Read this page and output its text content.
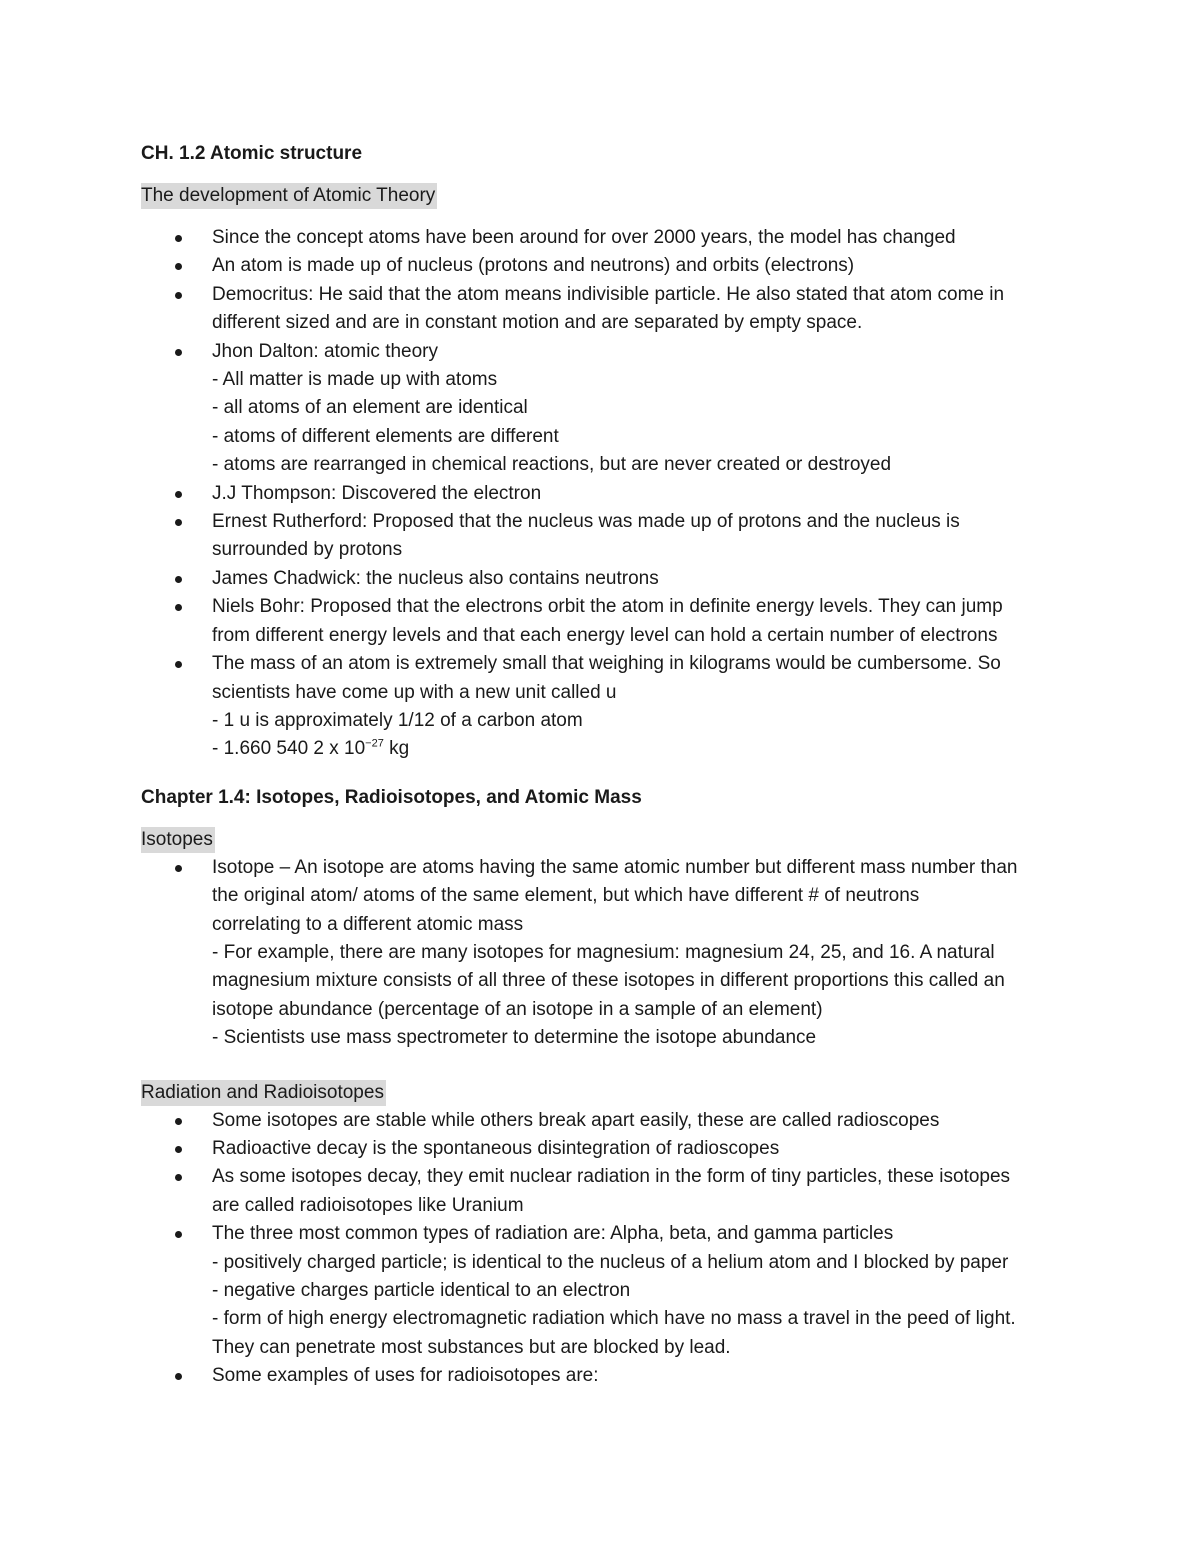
CH. 1.2 Atomic structure
The development of Atomic Theory
Since the concept atoms have been around for over 2000 years, the model has changed
An atom is made up of nucleus (protons and neutrons) and orbits (electrons)
Democritus: He said that the atom means indivisible particle. He also stated that atom come in
different sized and are in constant motion and are separated by empty space.
Jhon Dalton: atomic theory
- All matter is made up with atoms
- all atoms of an element are identical
- atoms of different elements are different
- atoms are rearranged in chemical reactions, but are never created or destroyed
J.J Thompson: Discovered the electron
Ernest Rutherford: Proposed that the nucleus was made up of protons and the nucleus is
surrounded by protons
James Chadwick: the nucleus also contains neutrons
Niels Bohr: Proposed that the electrons orbit the atom in definite energy levels. They can jump
from different energy levels and that each energy level can hold a certain number of electrons
The mass of an atom is extremely small that weighing in kilograms would be cumbersome. So
scientists have come up with a new unit called u
- 1 u is approximately 1/12 of a carbon atom
- 1.660 540 2 x $10^{-27}$ kg
Chapter 1.4: Isotopes, Radioisotopes, and Atomic Mass
Isotopes
Isotope – An isotope are atoms having the same atomic number but different mass number than
the original atom/ atoms of the same element, but which have different # of neutrons
correlating to a different atomic mass
- For example, there are many isotopes for magnesium: magnesium 24, 25, and 16. A natural
magnesium mixture consists of all three of these isotopes in different proportions this called an
isotope abundance (percentage of an isotope in a sample of an element)
- Scientists use mass spectrometer to determine the isotope abundance
Radiation and Radioisotopes
Some isotopes are stable while others break apart easily, these are called radioscopes
Radioactive decay is the spontaneous disintegration of radioscopes
As some isotopes decay, they emit nuclear radiation in the form of tiny particles, these isotopes
are called radioisotopes like Uranium
The three most common types of radiation are: Alpha, beta, and gamma particles
- positively charged particle; is identical to the nucleus of a helium atom and I blocked by paper
- negative charges particle identical to an electron
- form of high energy electromagnetic radiation which have no mass a travel in the peed of light.
They can penetrate most substances but are blocked by lead.
Some examples of uses for radioisotopes are:
